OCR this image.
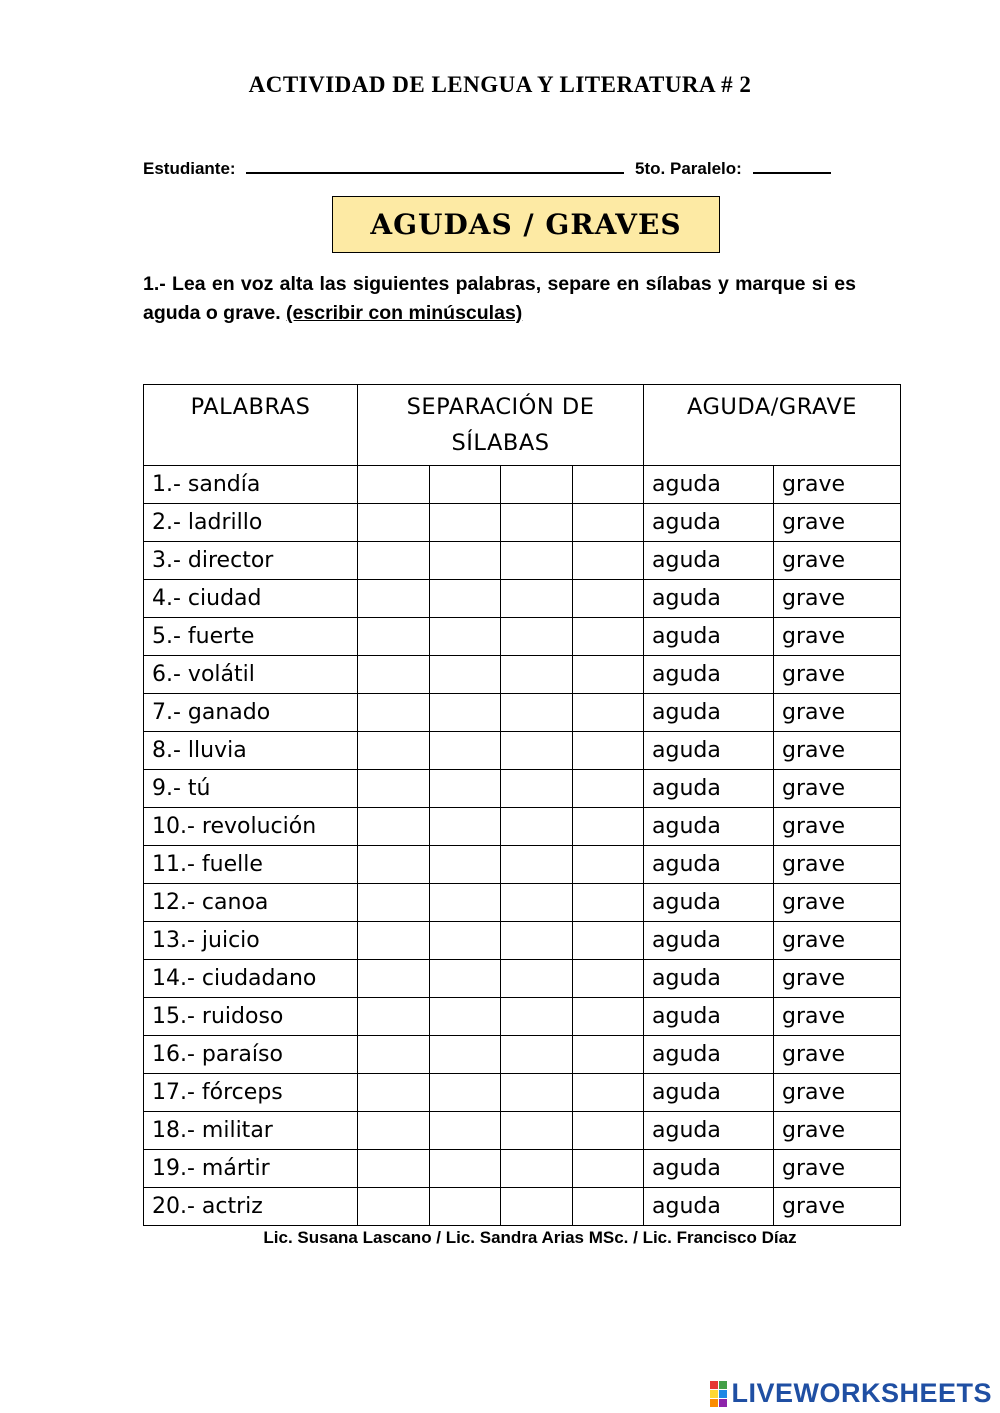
ACTIVIDAD DE LENGUA Y LITERATURA # 2
Estudiante:	5to. Paralelo:
AGUDAS / GRAVES
1.- Lea en voz alta las siguientes palabras, separe en sílabas y marque si es aguda o grave. (escribir con minúsculas)
PALABRAS	SEPARACIÓN DE SÍLABAS				AGUDA/GRAVE	
1.- sandía					aguda	grave
2.- ladrillo					aguda	grave
3.- director					aguda	grave
4.- ciudad					aguda	grave
5.- fuerte					aguda	grave
6.- volátil					aguda	grave
7.- ganado					aguda	grave
8.- lluvia					aguda	grave
9.- tú					aguda	grave
10.- revolución					aguda	grave
11.- fuelle					aguda	grave
12.- canoa					aguda	grave
13.- juicio					aguda	grave
14.- ciudadano					aguda	grave
15.- ruidoso					aguda	grave
16.- paraíso					aguda	grave
17.- fórceps					aguda	grave
18.- militar					aguda	grave
19.- mártir					aguda	grave
20.- actriz					aguda	grave
Lic. Susana Lascano / Lic. Sandra Arias MSc. / Lic. Francisco Díaz
LIVEWORKSHEETS
